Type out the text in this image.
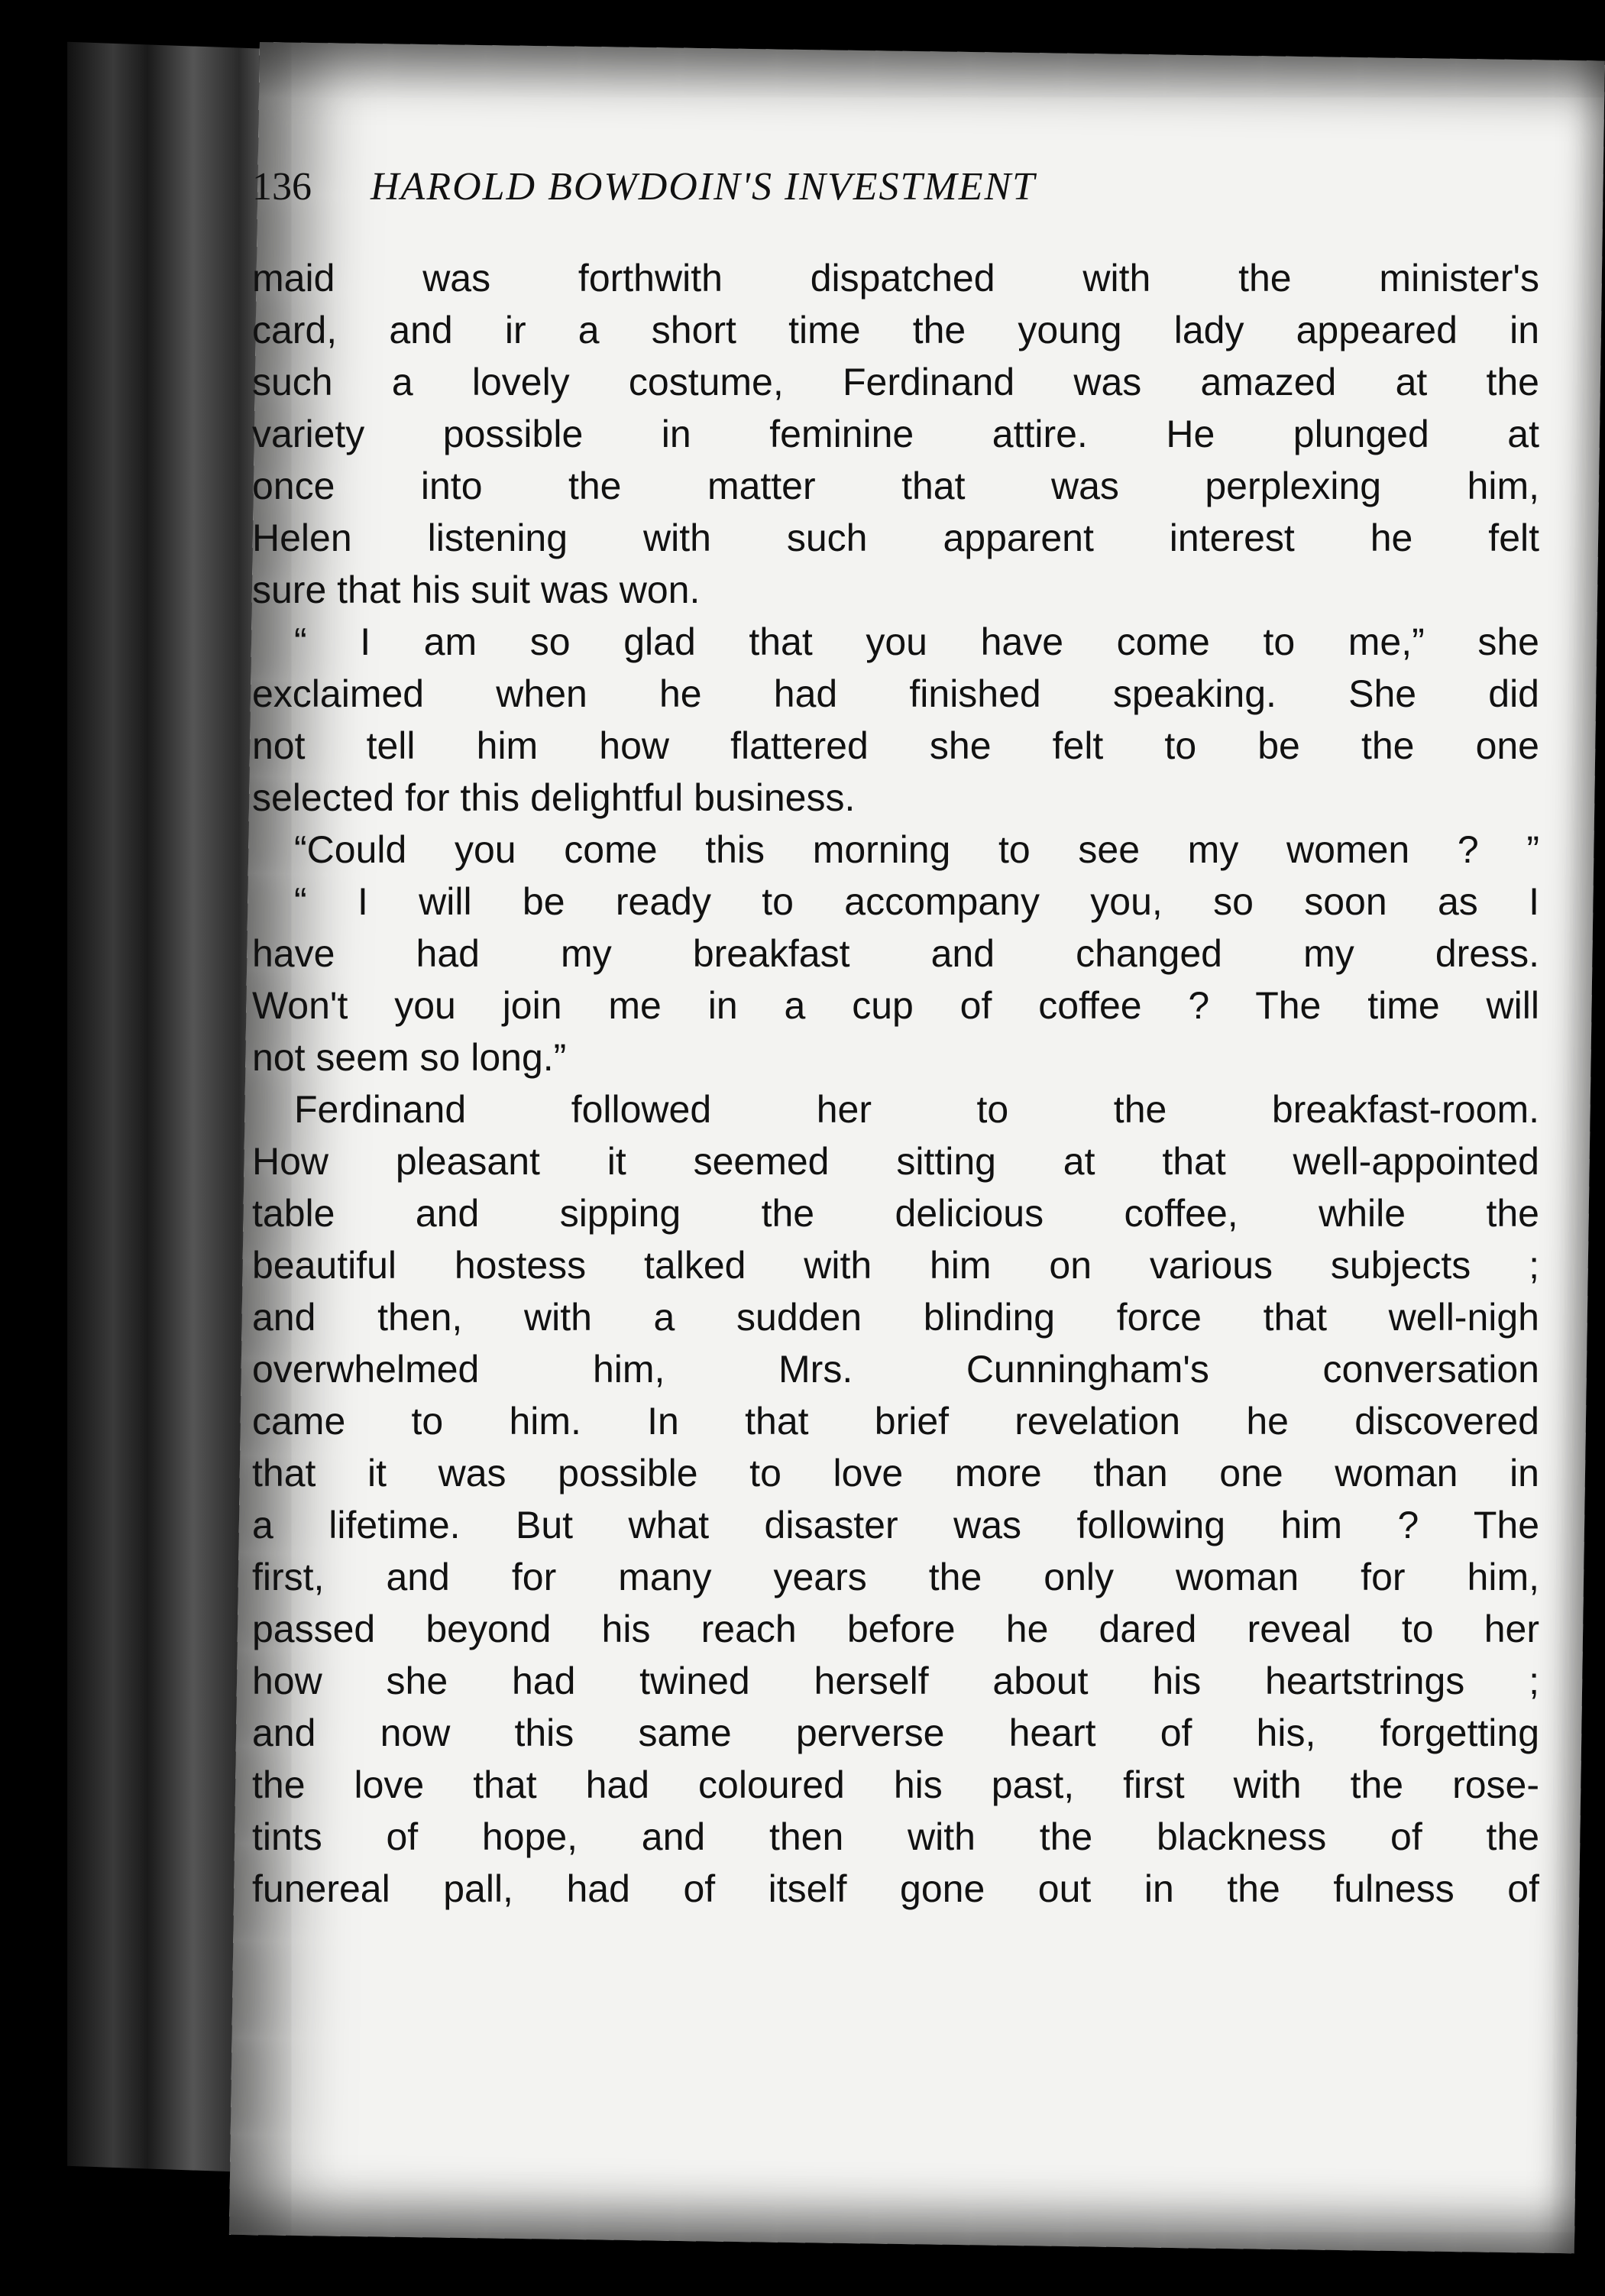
136	HAROLD BOWDOIN'S INVESTMENT
maid was forthwith dispatched with the minister's
card, and ir a short time the young lady appeared in
such a lovely costume, Ferdinand was amazed at the
variety possible in feminine attire. He plunged at
once into the matter that was perplexing him,
Helen listening with such apparent interest he felt
sure that his suit was won.
“ I am so glad that you have come to me,” she
exclaimed when he had finished speaking. She did
not tell him how flattered she felt to be the one
selected for this delightful business.
“Could you come this morning to see my women ? ”
“ I will be ready to accompany you, so soon as I
have had my breakfast and changed my dress.
Won't you join me in a cup of coffee ? The time will
not seem so long.”
Ferdinand followed her to the breakfast-room.
How pleasant it seemed sitting at that well-appointed
table and sipping the delicious coffee, while the
beautiful hostess talked with him on various subjects ;
and then, with a sudden blinding force that well-nigh
overwhelmed him, Mrs. Cunningham's conversation
came to him. In that brief revelation he discovered
that it was possible to love more than one woman in
a lifetime. But what disaster was following him ? The
first, and for many years the only woman for him,
passed beyond his reach before he dared reveal to her
how she had twined herself about his heartstrings ;
and now this same perverse heart of his, forgetting
the love that had coloured his past, first with the rose-
tints of hope, and then with the blackness of the
funereal pall, had of itself gone out in the fulness of
